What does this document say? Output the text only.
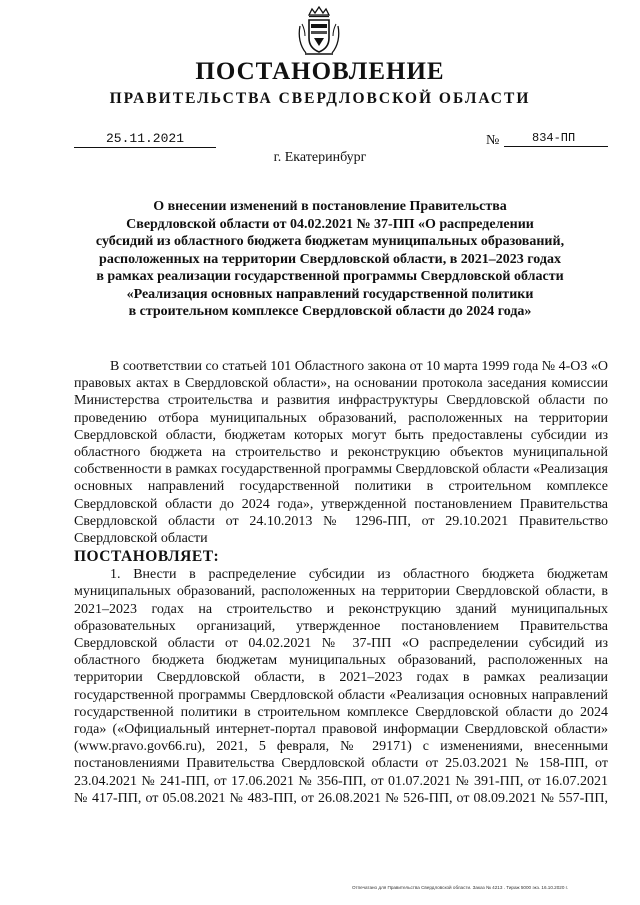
ПОСТАНОВЛЕНИЕ
ПРАВИТЕЛЬСТВА СВЕРДЛОВСКОЙ ОБЛАСТИ
25.11.2021	№	834-ПП
г. Екатеринбург
О внесении изменений в постановление Правительства
Свердловской области от 04.02.2021 № 37-ПП «О распределении
субсидий из областного бюджета бюджетам муниципальных образований,
расположенных на территории Свердловской области, в 2021–2023 годах
в рамках реализации государственной программы Свердловской области
«Реализация основных направлений государственной политики
в строительном комплексе Свердловской области до 2024 года»

В соответствии со статьей 101 Областного закона от 10 марта 1999 года № 4-ОЗ «О правовых актах в Свердловской области», на основании протокола заседания комиссии Министерства строительства и развития инфраструктуры Свердловской области по проведению отбора муниципальных образований, расположенных на территории Свердловской области, бюджетам которых могут быть предоставлены субсидии из областного бюджета на строительство и реконструкцию объектов муниципальной собственности в рамках государственной программы Свердловской области «Реализация основных направлений государственной политики в строительном комплексе Свердловской области до 2024 года», утвержденной постановлением Правительства Свердловской области от 24.10.2013 № 1296-ПП, от 29.10.2021 Правительство Свердловской области

ПОСТАНОВЛЯЕТ:

1. Внести в распределение субсидии из областного бюджета бюджетам муниципальных образований, расположенных на территории Свердловской области, в 2021–2023 годах на строительство и реконструкцию зданий муниципальных образовательных организаций, утвержденное постановлением Правительства Свердловской области от 04.02.2021 № 37-ПП «О распределении субсидий из областного бюджета бюджетам муниципальных образований, расположенных на территории Свердловской области, в 2021–2023 годах в рамках реализации государственной программы Свердловской области «Реализация основных направлений государственной политики в строительном комплексе Свердловской области до 2024 года» («Официальный интернет-портал правовой информации Свердловской области» (www.pravo.gov66.ru), 2021, 5 февраля, № 29171) с изменениями, внесенными постановлениями Правительства Свердловской области от 25.03.2021 № 158-ПП, от 23.04.2021 № 241-ПП, от 17.06.2021 № 356-ПП, от 01.07.2021 № 391-ПП, от 16.07.2021 № 417-ПП, от 05.08.2021 № 483-ПП, от 26.08.2021 № 526-ПП, от 08.09.2021 № 557-ПП,

Отпечатано для Правительства Свердловской области. Заказ № 4213 . Тираж 5000 экз. 16.10.2020 г.
